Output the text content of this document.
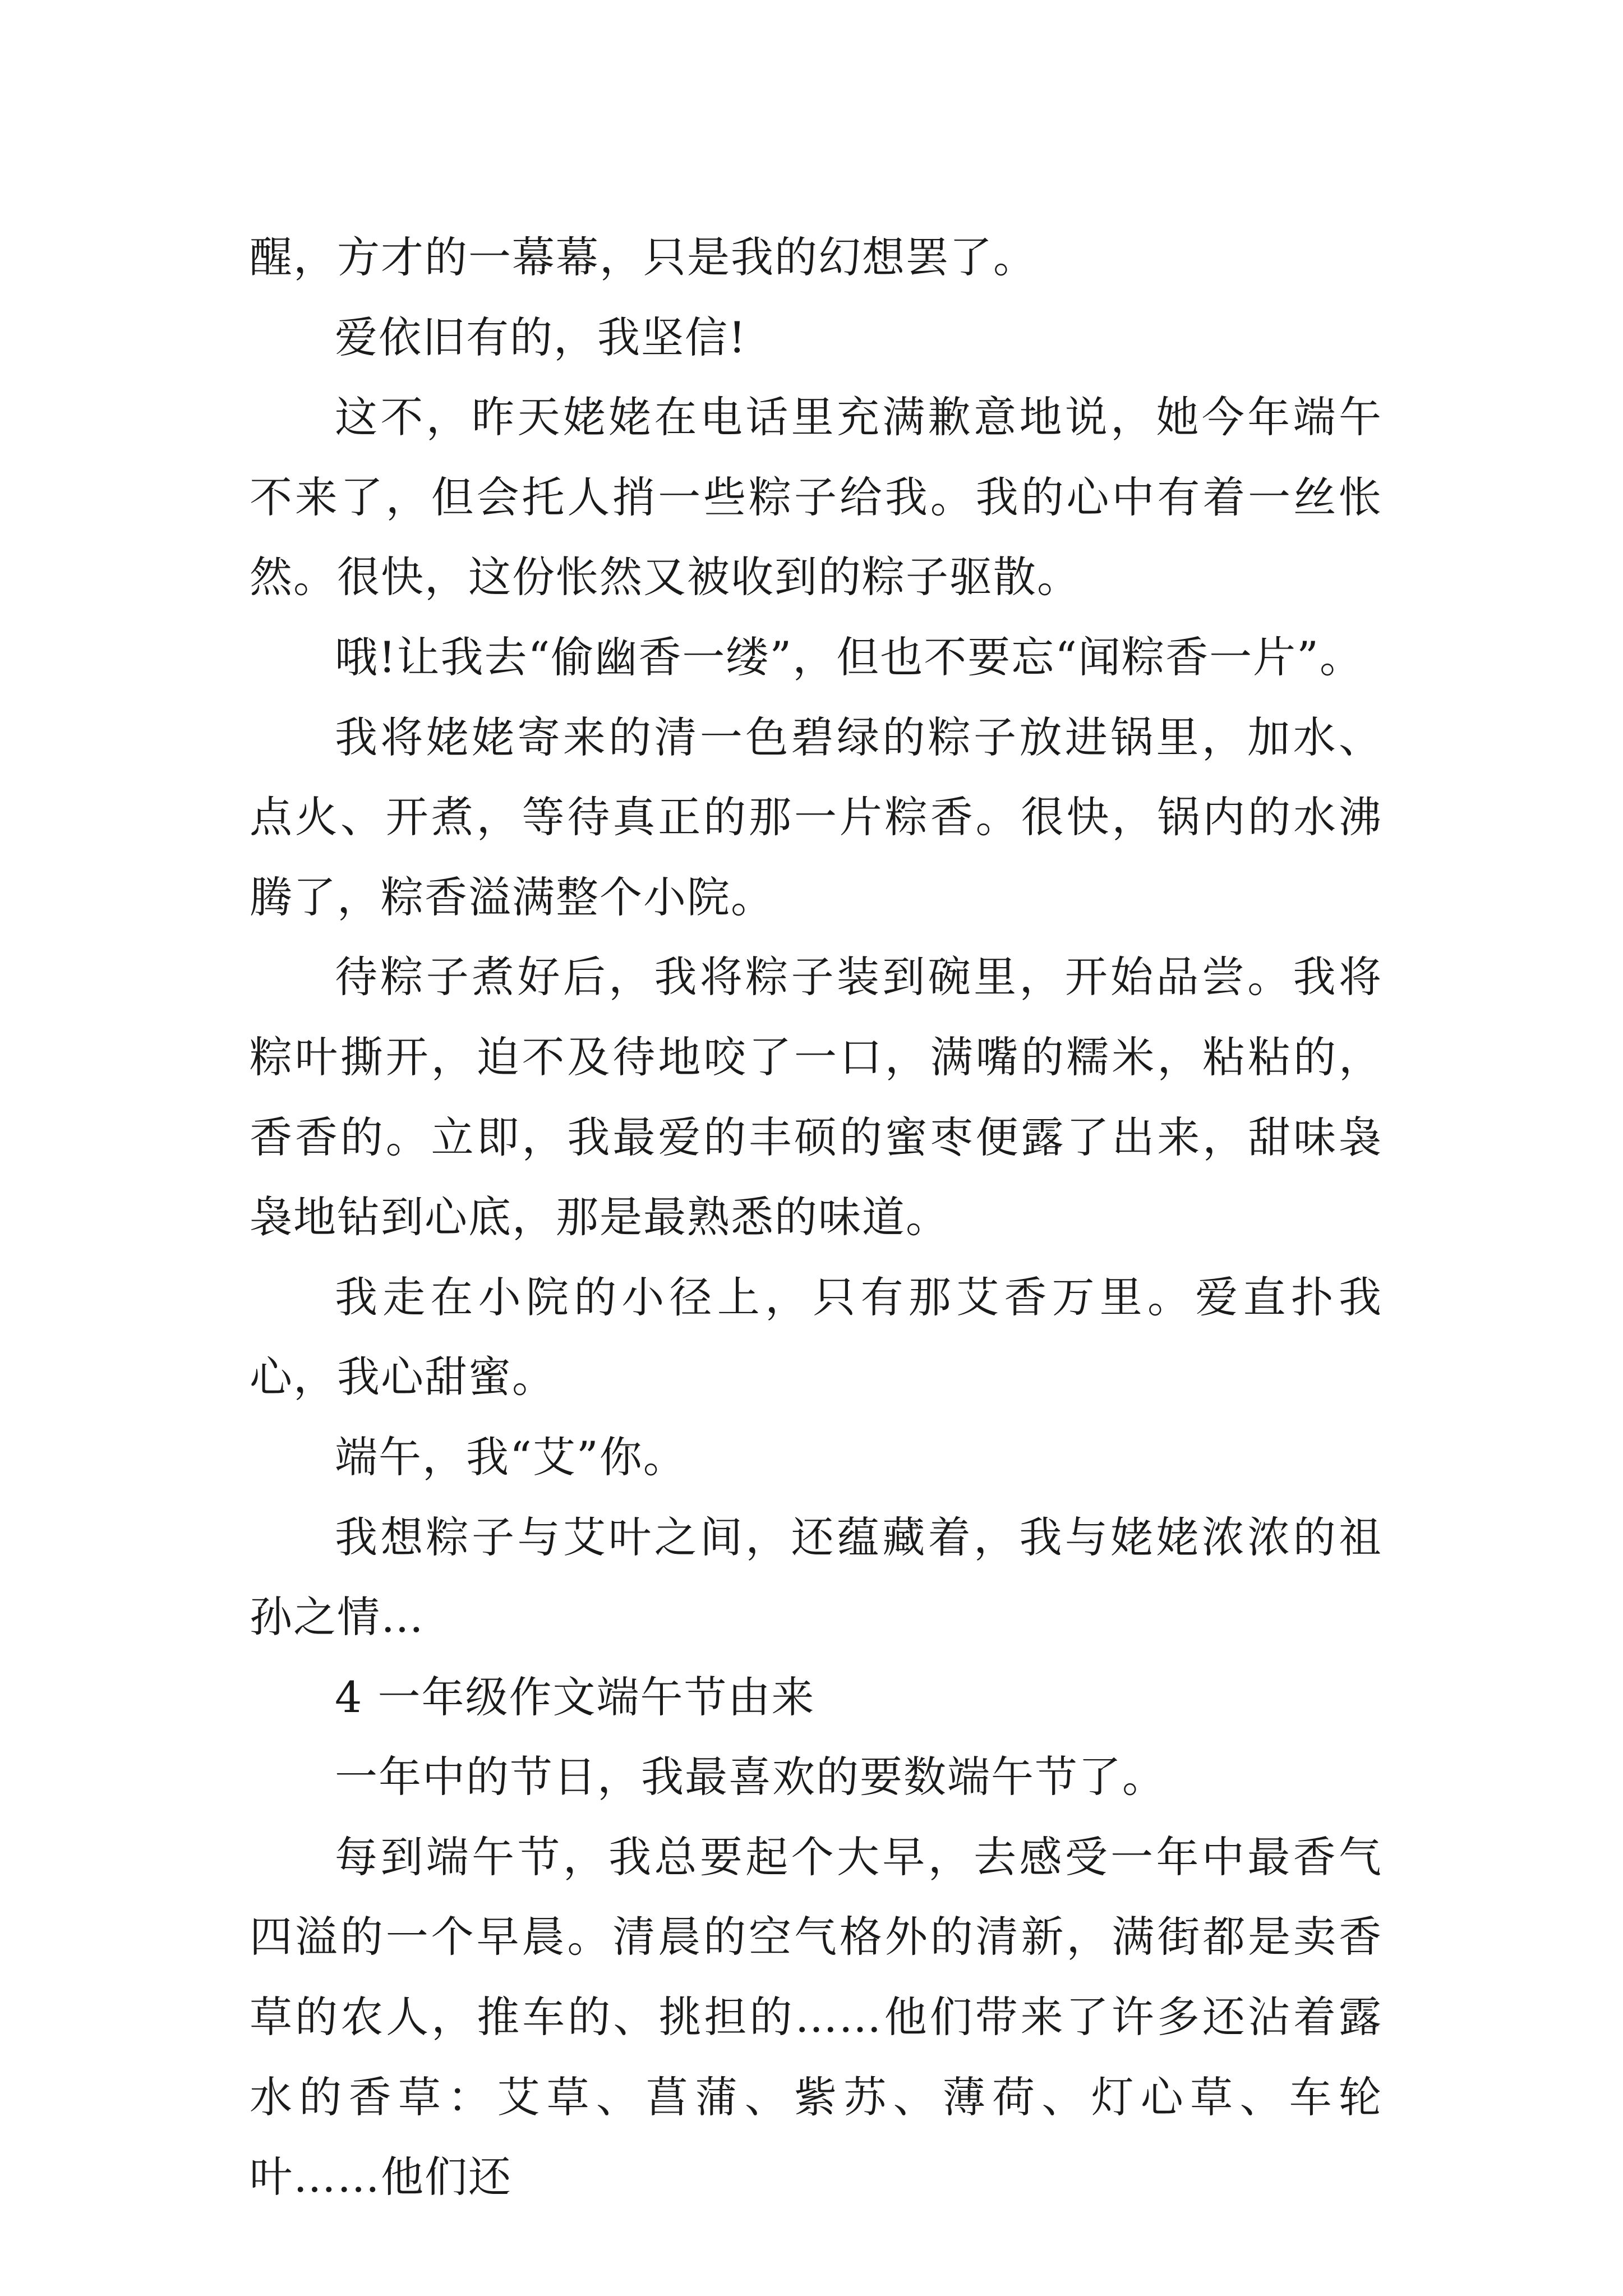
醒，方才的一幕幕，只是我的幻想罢了。

爱依旧有的，我坚信!

这不，昨天姥姥在电话里充满歉意地说，她今年端午不来了，但会托人捎一些粽子给我。我的心中有着一丝怅然。很快，这份怅然又被收到的粽子驱散。

哦!让我去“偷幽香一缕”，但也不要忘“闻粽香一片”。

我将姥姥寄来的清一色碧绿的粽子放进锅里，加水、点火、开煮，等待真正的那一片粽香。很快，锅内的水沸腾了，粽香溢满整个小院。

待粽子煮好后，我将粽子装到碗里，开始品尝。我将粽叶撕开，迫不及待地咬了一口，满嘴的糯米，粘粘的，香香的。立即，我最爱的丰硕的蜜枣便露了出来，甜味袅袅地钻到心底，那是最熟悉的味道。

我走在小院的小径上，只有那艾香万里。爱直扑我心，我心甜蜜。

端午，我“艾”你。

我想粽子与艾叶之间，还蕴藏着，我与姥姥浓浓的祖孙之情…

4 一年级作文端午节由来

一年中的节日，我最喜欢的要数端午节了。

每到端午节，我总要起个大早，去感受一年中最香气四溢的一个早晨。清晨的空气格外的清新，满街都是卖香草的农人，推车的、挑担的……他们带来了许多还沾着露水的香草：艾草、菖蒲、紫苏、薄荷、灯心草、车轮叶……他们还
